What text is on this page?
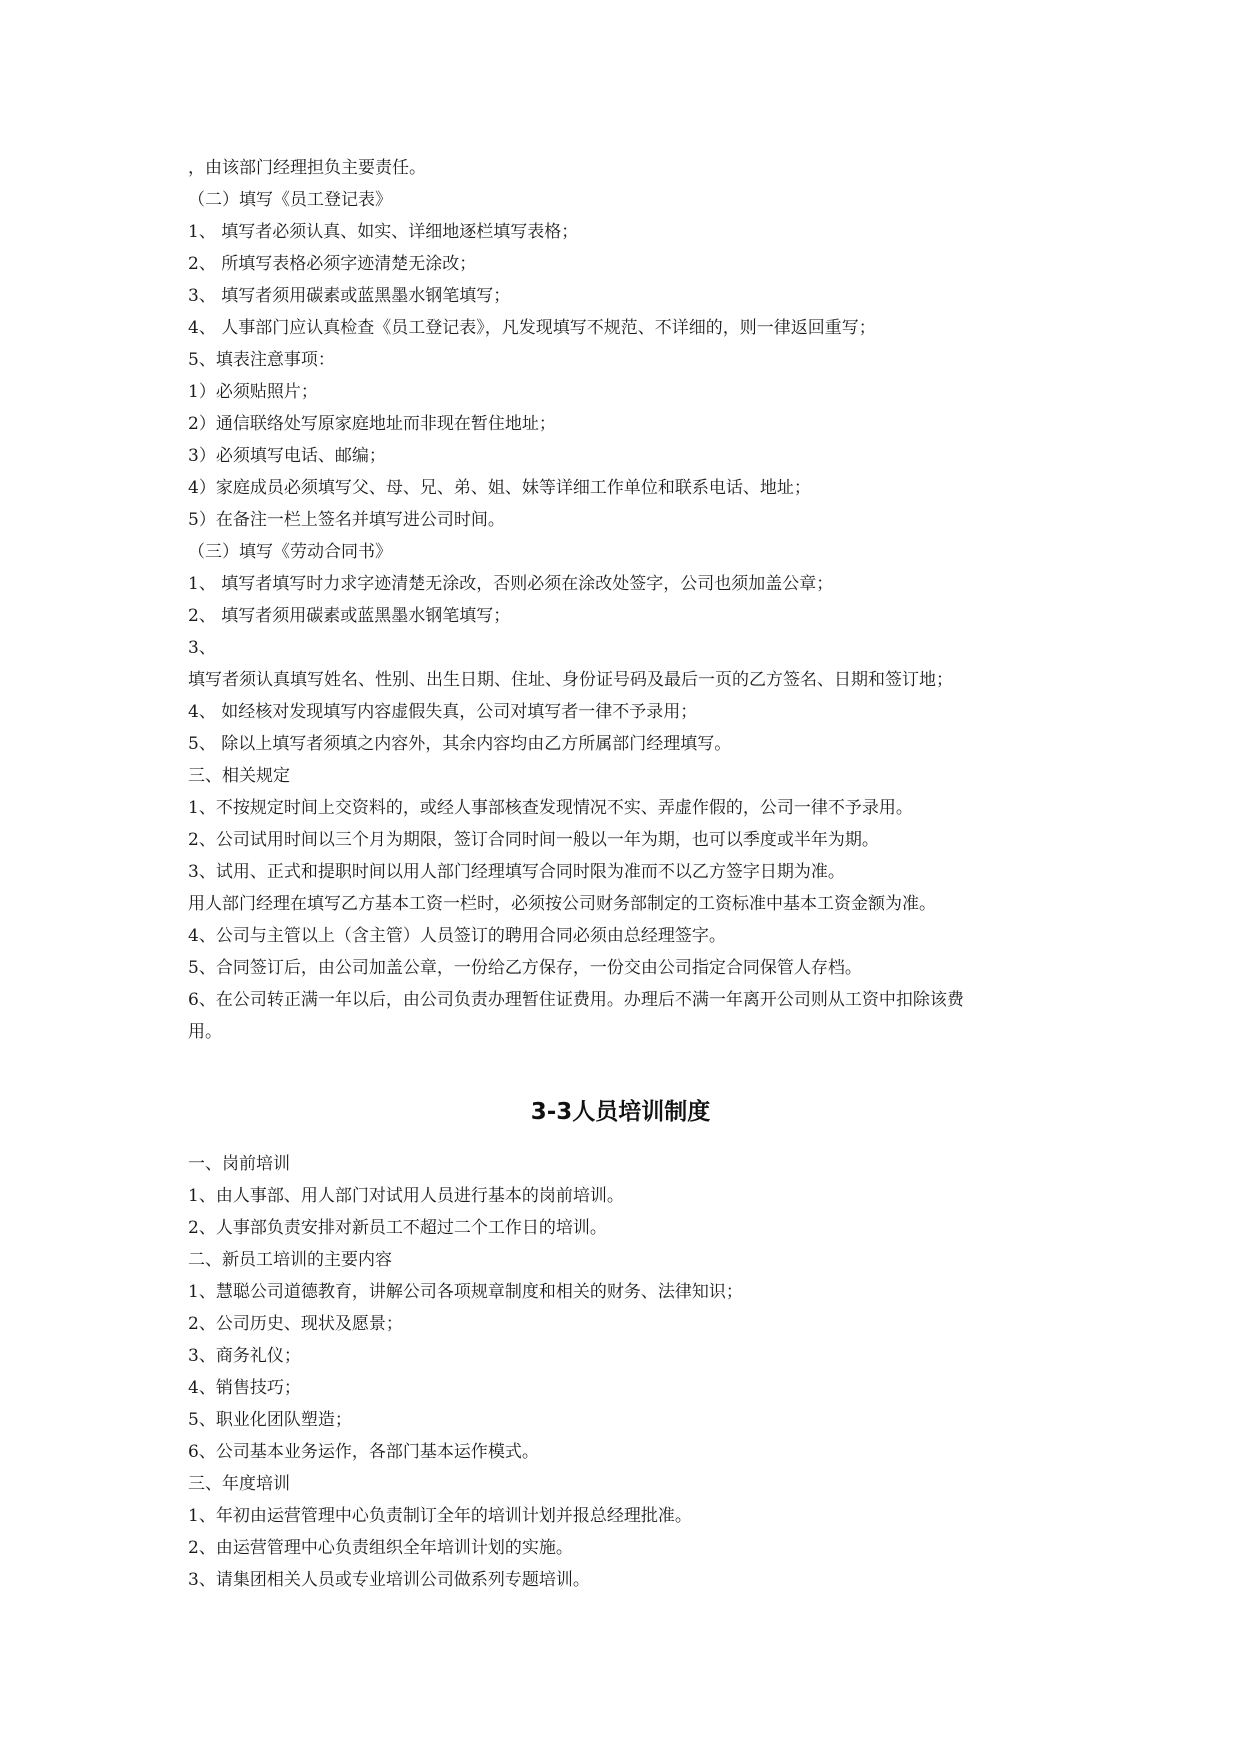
，由该部门经理担负主要责任。
（二）填写《员工登记表》
1、 填写者必须认真、如实、详细地逐栏填写表格；
2、 所填写表格必须字迹清楚无涂改；
3、 填写者须用碳素或蓝黑墨水钢笔填写；
4、 人事部门应认真检查《员工登记表》，凡发现填写不规范、不详细的，则一律返回重写；
5、填表注意事项：
1）必须贴照片；
2）通信联络处写原家庭地址而非现在暂住地址；
3）必须填写电话、邮编；
4）家庭成员必须填写父、母、兄、弟、姐、妹等详细工作单位和联系电话、地址；
5）在备注一栏上签名并填写进公司时间。
（三）填写《劳动合同书》
1、 填写者填写时力求字迹清楚无涂改，否则必须在涂改处签字，公司也须加盖公章；
2、 填写者须用碳素或蓝黑墨水钢笔填写；
3、
填写者须认真填写姓名、性别、出生日期、住址、身份证号码及最后一页的乙方签名、日期和签订地；
4、 如经核对发现填写内容虚假失真，公司对填写者一律不予录用；
5、 除以上填写者须填之内容外，其余内容均由乙方所属部门经理填写。
三、相关规定
1、不按规定时间上交资料的，或经人事部核查发现情况不实、弄虚作假的，公司一律不予录用。
2、公司试用时间以三个月为期限，签订合同时间一般以一年为期，也可以季度或半年为期。
3、试用、正式和提职时间以用人部门经理填写合同时限为准而不以乙方签字日期为准。
用人部门经理在填写乙方基本工资一栏时，必须按公司财务部制定的工资标准中基本工资金额为准。
4、公司与主管以上（含主管）人员签订的聘用合同必须由总经理签字。
5、合同签订后，由公司加盖公章，一份给乙方保存，一份交由公司指定合同保管人存档。
6、在公司转正满一年以后，由公司负责办理暂住证费用。办理后不满一年离开公司则从工资中扣除该费
用。
3-3人员培训制度
一、岗前培训
1、由人事部、用人部门对试用人员进行基本的岗前培训。
2、人事部负责安排对新员工不超过二个工作日的培训。
二、新员工培训的主要内容
1、慧聪公司道德教育，讲解公司各项规章制度和相关的财务、法律知识；
2、公司历史、现状及愿景；
3、商务礼仪；
4、销售技巧；
5、职业化团队塑造；
6、公司基本业务运作，各部门基本运作模式。
三、年度培训
1、年初由运营管理中心负责制订全年的培训计划并报总经理批准。
2、由运营管理中心负责组织全年培训计划的实施。
3、请集团相关人员或专业培训公司做系列专题培训。
